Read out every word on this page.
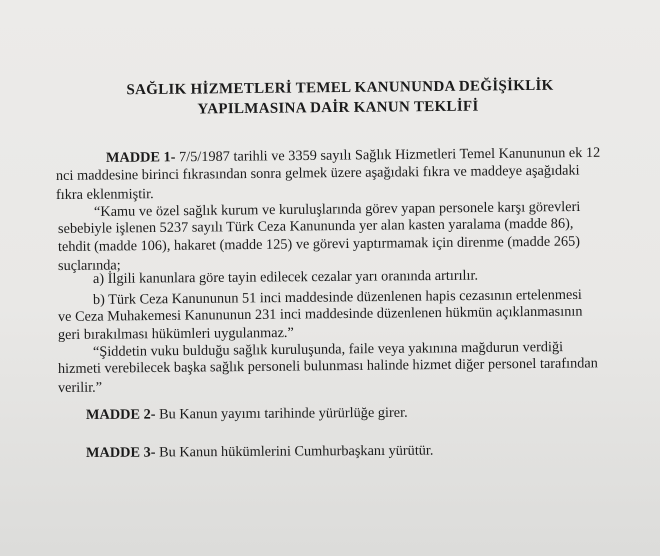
SAĞLIK HİZMETLERİ TEMEL KANUNUNDA DEĞİŞİKLİK
YAPILMASINA DAİR KANUN TEKLİFİ
MADDE 1- 7/5/1987 tarihli ve 3359 sayılı Sağlık Hizmetleri Temel Kanununun ek 12
nci maddesine birinci fıkrasından sonra gelmek üzere aşağıdaki fıkra ve maddeye aşağıdaki
fıkra eklenmiştir.
“Kamu ve özel sağlık kurum ve kuruluşlarında görev yapan personele karşı görevleri
sebebiyle işlenen 5237 sayılı Türk Ceza Kanununda yer alan kasten yaralama (madde 86),
tehdit (madde 106), hakaret (madde 125) ve görevi yaptırmamak için direnme (madde 265)
suçlarında;
a) İlgili kanunlara göre tayin edilecek cezalar yarı oranında artırılır.
b) Türk Ceza Kanununun 51 inci maddesinde düzenlenen hapis cezasının ertelenmesi
ve Ceza Muhakemesi Kanununun 231 inci maddesinde düzenlenen hükmün açıklanmasının
geri bırakılması hükümleri uygulanmaz.”
“Şiddetin vuku bulduğu sağlık kuruluşunda, faile veya yakınına mağdurun verdiği
hizmeti verebilecek başka sağlık personeli bulunması halinde hizmet diğer personel tarafından
verilir.”
MADDE 2- Bu Kanun yayımı tarihinde yürürlüğe girer.
MADDE 3- Bu Kanun hükümlerini Cumhurbaşkanı yürütür.
